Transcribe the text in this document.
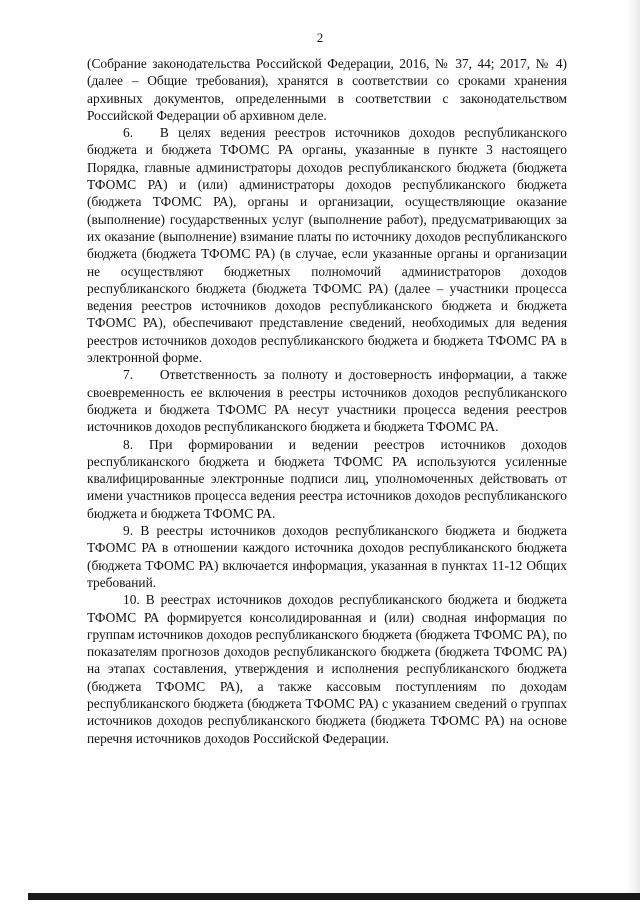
2

(Собрание законодательства Российской Федерации, 2016, № 37, 44; 2017, № 4) (далее – Общие требования), хранятся в соответствии со сроками хранения архивных документов, определенными в соответствии с законодательством Российской Федерации об архивном деле.

6.  В целях ведения реестров источников доходов республиканского бюджета и бюджета ТФОМС РА органы, указанные в пункте 3 настоящего Порядка, главные администраторы доходов республиканского бюджета (бюджета ТФОМС РА) и (или) администраторы доходов республиканского бюджета (бюджета ТФОМС РА), органы и организации, осуществляющие оказание (выполнение) государственных услуг (выполнение работ), предусматривающих за их оказание (выполнение) взимание платы по источнику доходов республиканского бюджета (бюджета ТФОМС РА) (в случае, если указанные органы и организации не осуществляют бюджетных полномочий администраторов доходов республиканского бюджета (бюджета ТФОМС РА) (далее – участники процесса ведения реестров источников доходов республиканского бюджета и бюджета ТФОМС РА), обеспечивают представление сведений, необходимых для ведения реестров источников доходов республиканского бюджета и бюджета ТФОМС РА в электронной форме.

7.  Ответственность за полноту и достоверность информации, а также своевременность ее включения в реестры источников доходов республиканского бюджета и бюджета ТФОМС РА несут участники процесса ведения реестров источников доходов республиканского бюджета и бюджета ТФОМС РА.

8. При формировании и ведении реестров источников доходов республиканского бюджета и бюджета ТФОМС РА используются усиленные квалифицированные электронные подписи лиц, уполномоченных действовать от имени участников процесса ведения реестра источников доходов республиканского бюджета и бюджета ТФОМС РА.

9. В реестры источников доходов республиканского бюджета и бюджета ТФОМС РА в отношении каждого источника доходов республиканского бюджета (бюджета ТФОМС РА) включается информация, указанная в пунктах 11-12 Общих требований.

10. В реестрах источников доходов республиканского бюджета и бюджета ТФОМС РА формируется консолидированная и (или) сводная информация по группам источников доходов республиканского бюджета (бюджета ТФОМС РА), по показателям прогнозов доходов республиканского бюджета (бюджета ТФОМС РА) на этапах составления, утверждения и исполнения республиканского бюджета (бюджета ТФОМС РА), а также кассовым поступлениям по доходам республиканского бюджета (бюджета ТФОМС РА) с указанием сведений о группах источников доходов республиканского бюджета (бюджета ТФОМС РА) на основе перечня источников доходов Российской Федерации.
